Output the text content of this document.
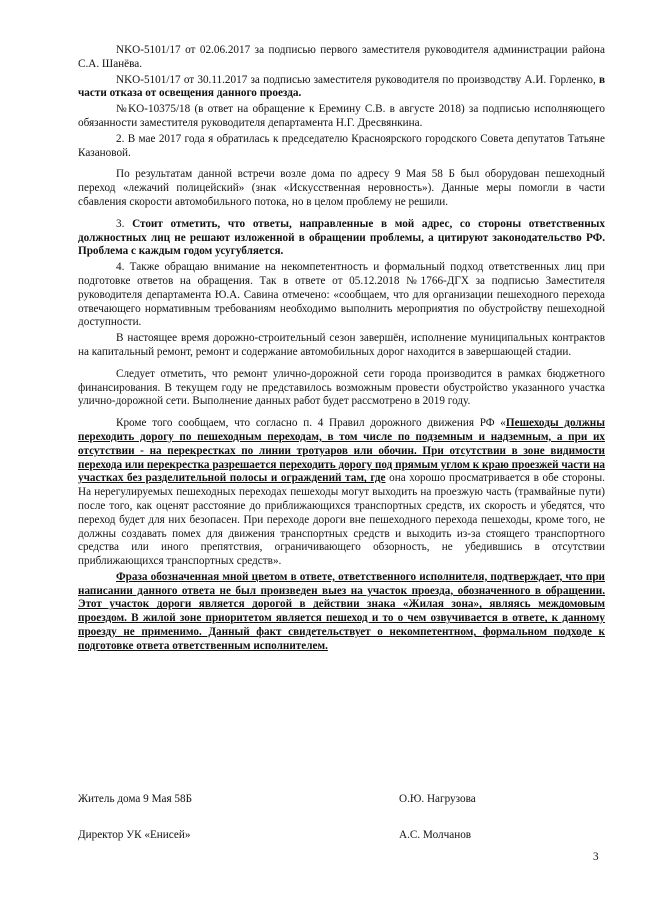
NKO-5101/17 от 02.06.2017 за подписью первого заместителя руководителя администрации района С.А. Шанёва.

NKO-5101/17 от 30.11.2017 за подписью заместителя руководителя по производству А.И. Горленко, в части отказа от освещения данного проезда.

№KO-10375/18 (в ответ на обращение к Еремину С.В. в августе 2018) за подписью исполняющего обязанности заместителя руководителя департамента Н.Г. Дресвянкина.

2. В мае 2017 года я обратилась к председателю Красноярского городского Совета депутатов Татьяне Казановой.

По результатам данной встречи возле дома по адресу 9 Мая 58 Б был оборудован пешеходный переход «лежачий полицейский» (знак «Искусственная неровность»). Данные меры помогли в части сбавления скорости автомобильного потока, но в целом проблему не решили.

3. Стоит отметить, что ответы, направленные в мой адрес, со стороны ответственных должностных лиц не решают изложенной в обращении проблемы, а цитируют законодательство РФ. Проблема с каждым годом усугубляется.

4. Также обращаю внимание на некомпетентность и формальный подход ответственных лиц при подготовке ответов на обращения. Так в ответе от 05.12.2018 №1766-ДГХ за подписью Заместителя руководителя департамента Ю.А. Савина отмечено: «сообщаем, что для организации пешеходного перехода отвечающего нормативным требованиям необходимо выполнить мероприятия по обустройству пешеходной доступности.

В настоящее время дорожно-строительный сезон завершён, исполнение муниципальных контрактов на капитальный ремонт, ремонт и содержание автомобильных дорог находится в завершающей стадии.

Следует отметить, что ремонт улично-дорожной сети города производится в рамках бюджетного финансирования. В текущем году не представилось возможным провести обустройство указанного участка улично-дорожной сети. Выполнение данных работ будет рассмотрено в 2019 году.

Кроме того сообщаем, что согласно п. 4 Правил дорожного движения РФ «Пешеходы должны переходить дорогу по пешеходным переходам, в том числе по подземным и надземным, а при их отсутствии - на перекрестках по линии тротуаров или обочин. При отсутствии в зоне видимости перехода или перекрестка разрешается переходить дорогу под прямым углом к краю проезжей части на участках без разделительной полосы и ограждений там, где она хорошо просматривается в обе стороны. На нерегулируемых пешеходных переходах пешеходы могут выходить на проезжую часть (трамвайные пути) после того, как оценят расстояние до приближающихся транспортных средств, их скорость и убедятся, что переход будет для них безопасен. При переходе дороги вне пешеходного перехода пешеходы, кроме того, не должны создавать помех для движения транспортных средств и выходить из-за стоящего транспортного средства или иного препятствия, ограничивающего обзорность, не убедившись в отсутствии приближающихся транспортных средств».

Фраза обозначенная мной цветом в ответе, ответственного исполнителя, подтверждает, что при написании данного ответа не был произведен выез на участок проезда, обозначенного в обращении. Этот участок дороги является дорогой в действии знака «Жилая зона», являясь междомовым проездом. В жилой зоне приоритетом является пешеход и то о чем озвучивается в ответе, к данному проезду не применимо. Данный факт свидетельствует о некомпетентном, формальном подходе к подготовке ответа ответственным исполнителем.

Житель дома 9 Мая 58Б	О.Ю. Нагрузова
Директор УК «Енисей»	А.С. Молчанов
3
